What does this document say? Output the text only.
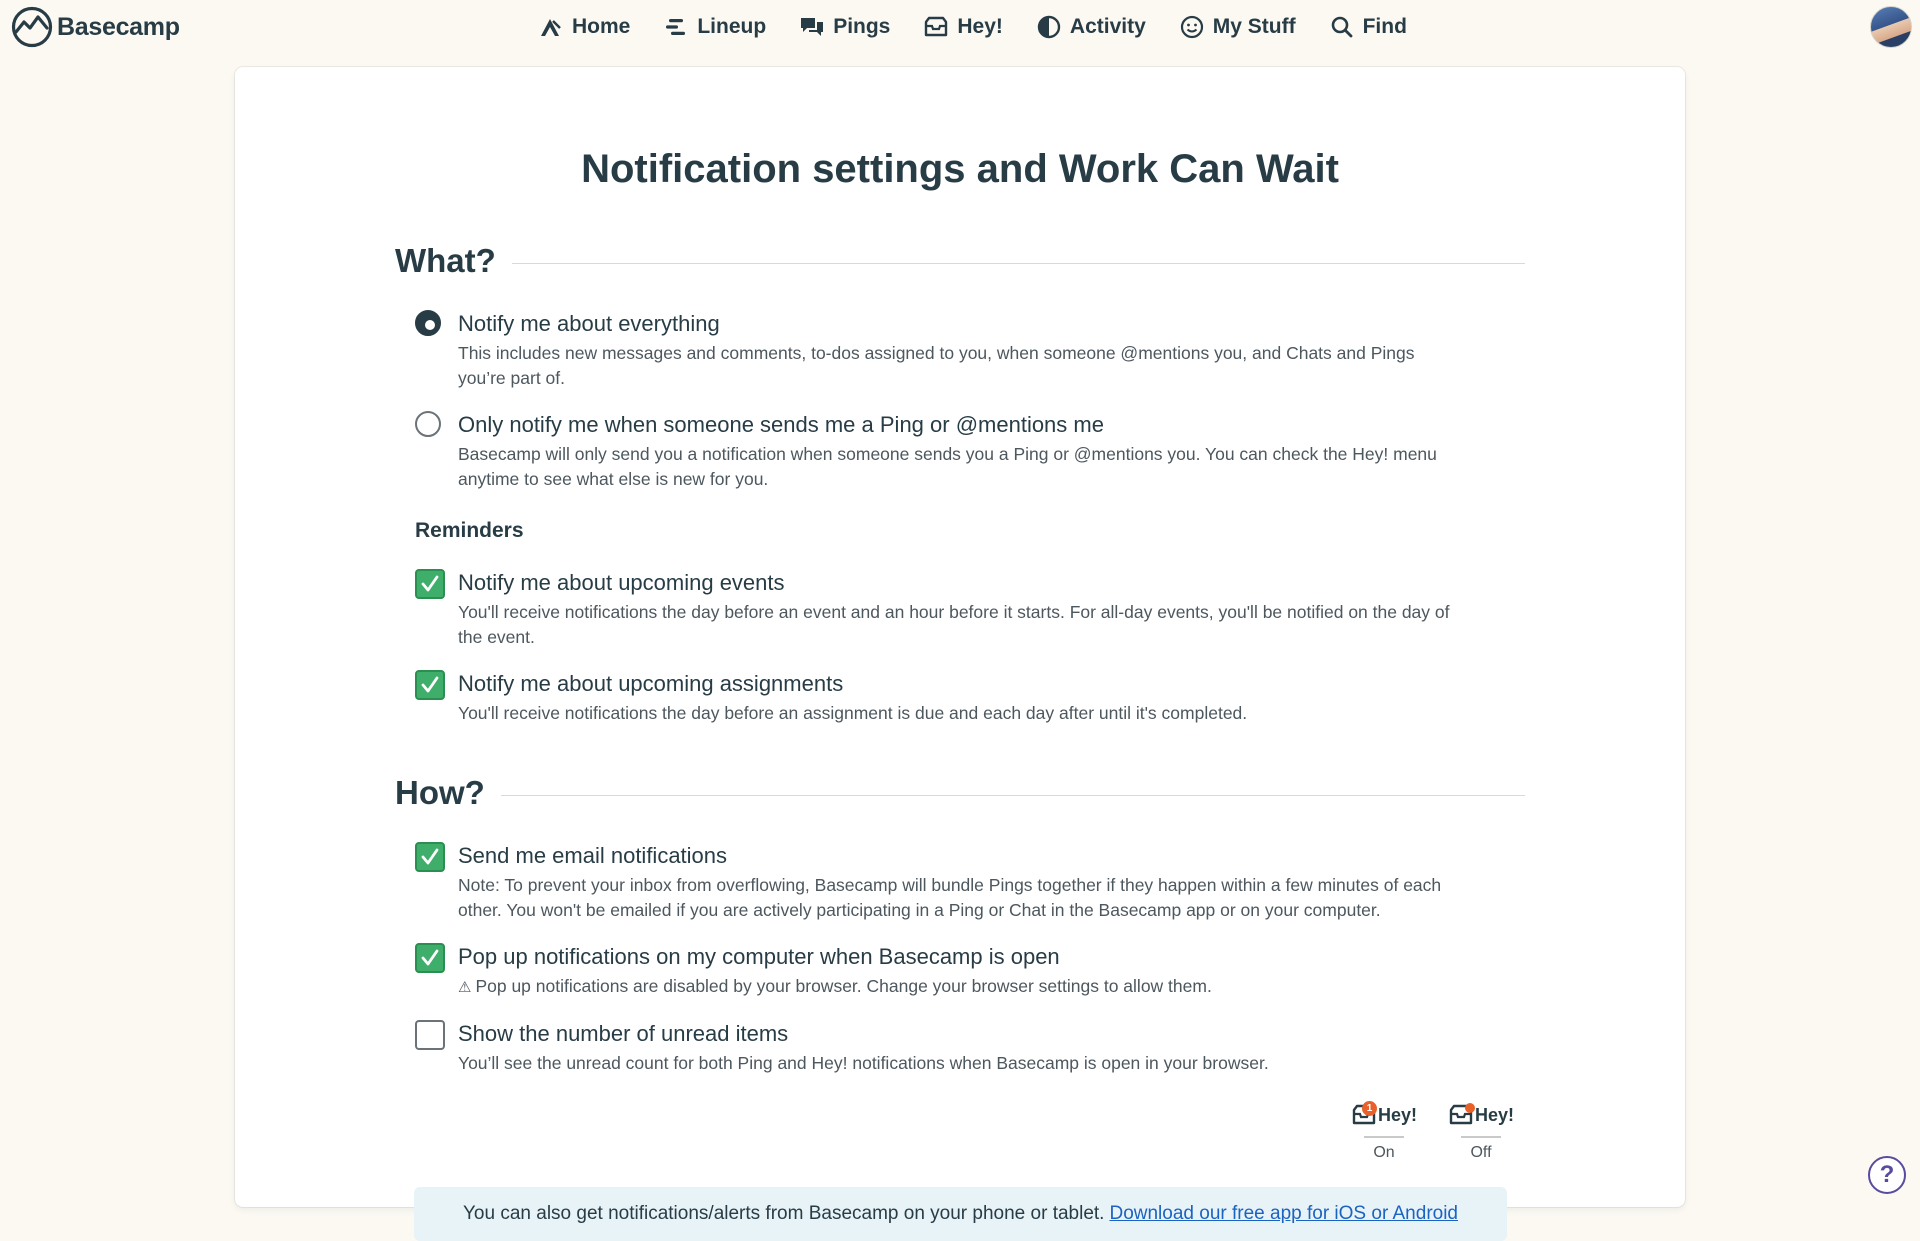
Basecamp	Home	Lineup	Pings	Hey!	Activity	My Stuff	Find
Notification settings and Work Can Wait
What?
Notify me about everything
This includes new messages and comments, to-dos assigned to you, when someone @mentions you, and Chats and Pings you’re part of.
Only notify me when someone sends me a Ping or @mentions me
Basecamp will only send you a notification when someone sends you a Ping or @mentions you. You can check the Hey! menu anytime to see what else is new for you.
Reminders
Notify me about upcoming events
You'll receive notifications the day before an event and an hour before it starts. For all-day events, you'll be notified on the day of the event.
Notify me about upcoming assignments
You'll receive notifications the day before an assignment is due and each day after until it's completed.
How?
Send me email notifications
Note: To prevent your inbox from overflowing, Basecamp will bundle Pings together if they happen within a few minutes of each other. You won't be emailed if you are actively participating in a Ping or Chat in the Basecamp app or on your computer.
Pop up notifications on my computer when Basecamp is open
⚠ Pop up notifications are disabled by your browser. Change your browser settings to allow them.
Show the number of unread items
You’ll see the unread count for both Ping and Hey! notifications when Basecamp is open in your browser.
Hey!
1
On
Hey!
Off
You can also get notifications/alerts from Basecamp on your phone or tablet. Download our free app for iOS or Android
?
